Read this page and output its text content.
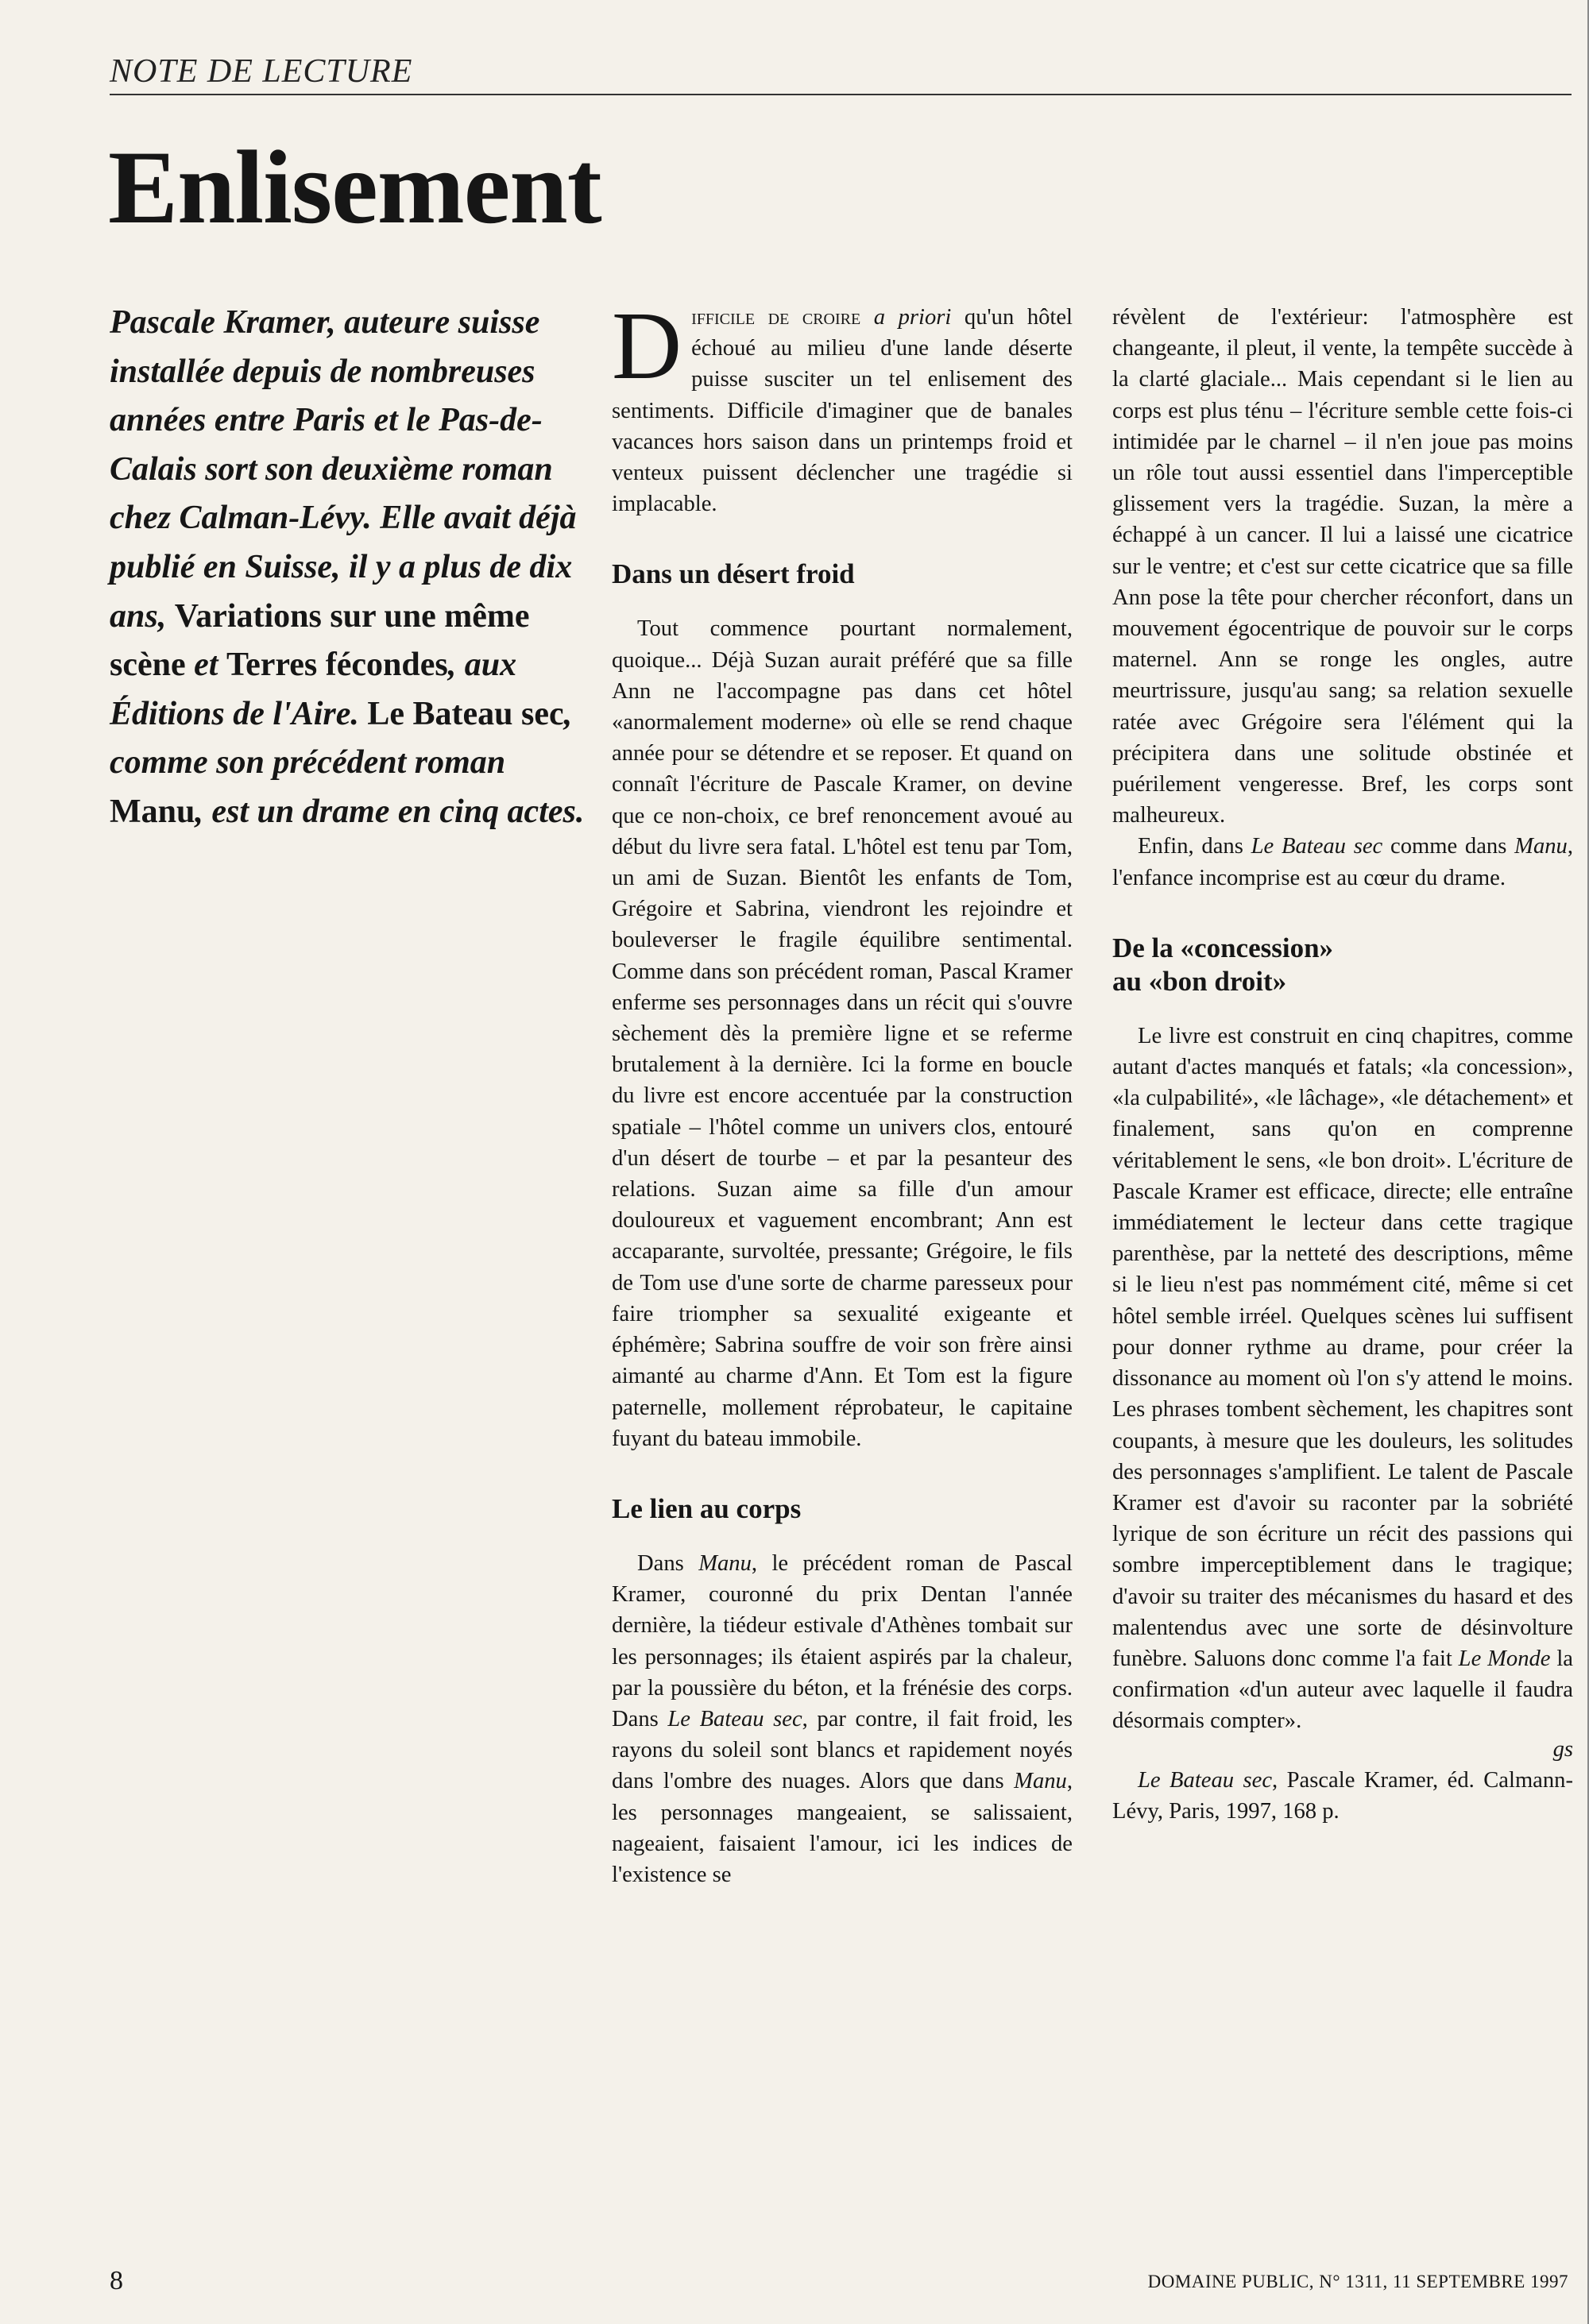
NOTE DE LECTURE
Enlisement

Pascale Kramer, auteure suisse installée depuis de nombreuses années entre Paris et le Pas-de-Calais sort son deuxième roman chez Calman-Lévy. Elle avait déjà publié en Suisse, il y a plus de dix ans, Variations sur une même scène et Terres fécondes, aux Éditions de l'Aire. Le Bateau sec, comme son précédent roman Manu, est un drame en cinq actes.

Difficile de croire a priori qu'un hôtel échoué au milieu d'une lande déserte puisse susciter un tel enlisement des sentiments. Difficile d'imaginer que de banales vacances hors saison dans un printemps froid et venteux puissent déclencher une tragédie si implacable.

Dans un désert froid

Tout commence pourtant normalement, quoique... Déjà Suzan aurait préféré que sa fille Ann ne l'accompagne pas dans cet hôtel «anormalement moderne» où elle se rend chaque année pour se détendre et se reposer. Et quand on connaît l'écriture de Pascale Kramer, on devine que ce non-choix, ce bref renoncement avoué au début du livre sera fatal. L'hôtel est tenu par Tom, un ami de Suzan. Bientôt les enfants de Tom, Grégoire et Sabrina, viendront les rejoindre et bouleverser le fragile équilibre sentimental. Comme dans son précédent roman, Pascal Kramer enferme ses personnages dans un récit qui s'ouvre sèchement dès la première ligne et se referme brutalement à la dernière. Ici la forme en boucle du livre est encore accentuée par la construction spatiale – l'hôtel comme un univers clos, entouré d'un désert de tourbe – et par la pesanteur des relations. Suzan aime sa fille d'un amour douloureux et vaguement encombrant; Ann est accaparante, survoltée, pressante; Grégoire, le fils de Tom use d'une sorte de charme paresseux pour faire triompher sa sexualité exigeante et éphémère; Sabrina souffre de voir son frère ainsi aimanté au charme d'Ann. Et Tom est la figure paternelle, mollement réprobateur, le capitaine fuyant du bateau immobile.

Le lien au corps

Dans Manu, le précédent roman de Pascal Kramer, couronné du prix Dentan l'année dernière, la tiédeur estivale d'Athènes tombait sur les personnages; ils étaient aspirés par la chaleur, par la poussière du béton, et la frénésie des corps. Dans Le Bateau sec, par contre, il fait froid, les rayons du soleil sont blancs et rapidement noyés dans l'ombre des nuages. Alors que dans Manu, les personnages mangeaient, se salissaient, nageaient, faisaient l'amour, ici les indices de l'existence se

révèlent de l'extérieur: l'atmosphère est changeante, il pleut, il vente, la tempête succède à la clarté glaciale... Mais cependant si le lien au corps est plus ténu – l'écriture semble cette fois-ci intimidée par le charnel – il n'en joue pas moins un rôle tout aussi essentiel dans l'imperceptible glissement vers la tragédie. Suzan, la mère a échappé à un cancer. Il lui a laissé une cicatrice sur le ventre; et c'est sur cette cicatrice que sa fille Ann pose la tête pour chercher réconfort, dans un mouvement égocentrique de pouvoir sur le corps maternel. Ann se ronge les ongles, autre meurtrissure, jusqu'au sang; sa relation sexuelle ratée avec Grégoire sera l'élément qui la précipitera dans une solitude obstinée et puérilement vengeresse. Bref, les corps sont malheureux.

Enfin, dans Le Bateau sec comme dans Manu, l'enfance incomprise est au cœur du drame.

De la «concession»
au «bon droit»

Le livre est construit en cinq chapitres, comme autant d'actes manqués et fatals; «la concession», «la culpabilité», «le lâchage», «le détachement» et finalement, sans qu'on en comprenne véritablement le sens, «le bon droit». L'écriture de Pascale Kramer est efficace, directe; elle entraîne immédiatement le lecteur dans cette tragique parenthèse, par la netteté des descriptions, même si le lieu n'est pas nommément cité, même si cet hôtel semble irréel. Quelques scènes lui suffisent pour donner rythme au drame, pour créer la dissonance au moment où l'on s'y attend le moins. Les phrases tombent sèchement, les chapitres sont coupants, à mesure que les douleurs, les solitudes des personnages s'amplifient. Le talent de Pascale Kramer est d'avoir su raconter par la sobriété lyrique de son écriture un récit des passions qui sombre imperceptiblement dans le tragique; d'avoir su traiter des mécanismes du hasard et des malentendus avec une sorte de désinvolture funèbre. Saluons donc comme l'a fait Le Monde la confirmation «d'un auteur avec laquelle il faudra désormais compter».

gs

Le Bateau sec, Pascale Kramer, éd. Calmann-Lévy, Paris, 1997, 168 p.

8	DOMAINE PUBLIC, N° 1311, 11 SEPTEMBRE 1997
